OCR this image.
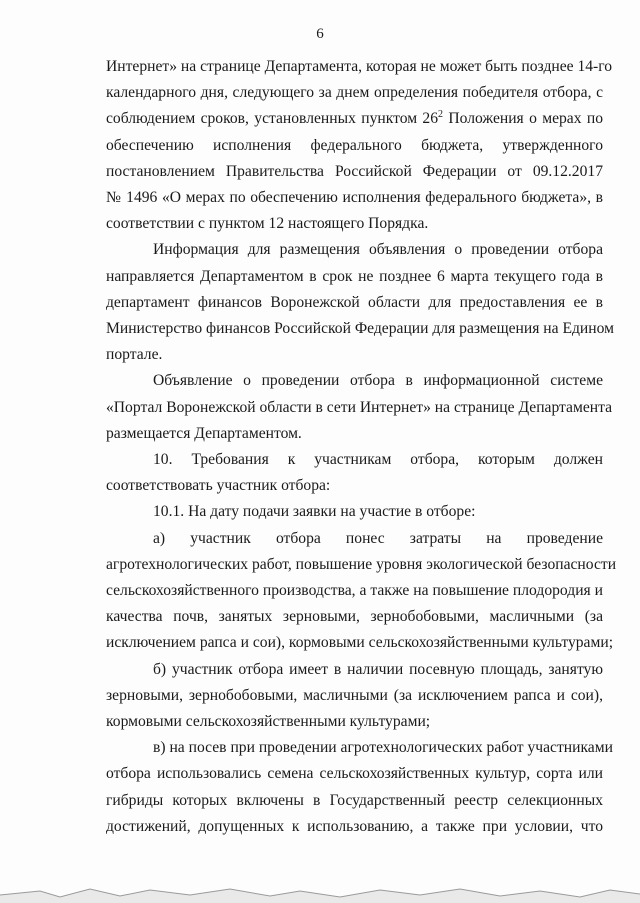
6
Интернет» на странице Департамента, которая не может быть позднее 14-го
календарного дня, следующего за днем определения победителя отбора, с
соблюдением сроков, установленных пунктом $26^2$ Положения о мерах по
обеспечению исполнения федерального бюджета, утвержденного
постановлением Правительства Российской Федерации от 09.12.2017
№ 1496 «О мерах по обеспечению исполнения федерального бюджета», в
соответствии с пунктом 12 настоящего Порядка.
Информация для размещения объявления о проведении отбора
направляется Департаментом в срок не позднее 6 марта текущего года в
департамент финансов Воронежской области для предоставления ее в
Министерство финансов Российской Федерации для размещения на Едином
портале.
Объявление о проведении отбора в информационной системе
«Портал Воронежской области в сети Интернет» на странице Департамента
размещается Департаментом.
10. Требования к участникам отбора, которым должен
соответствовать участник отбора:
10.1. На дату подачи заявки на участие в отборе:
а) участник отбора понес затраты на проведение
агротехнологических работ, повышение уровня экологической безопасности
сельскохозяйственного производства, а также на повышение плодородия и
качества почв, занятых зерновыми, зернобобовыми, масличными (за
исключением рапса и сои), кормовыми сельскохозяйственными культурами;
б) участник отбора имеет в наличии посевную площадь, занятую
зерновыми, зернобобовыми, масличными (за исключением рапса и сои),
кормовыми сельскохозяйственными культурами;
в) на посев при проведении агротехнологических работ участниками
отбора использовались семена сельскохозяйственных культур, сорта или
гибриды которых включены в Государственный реестр селекционных
достижений, допущенных к использованию, а также при условии, что
